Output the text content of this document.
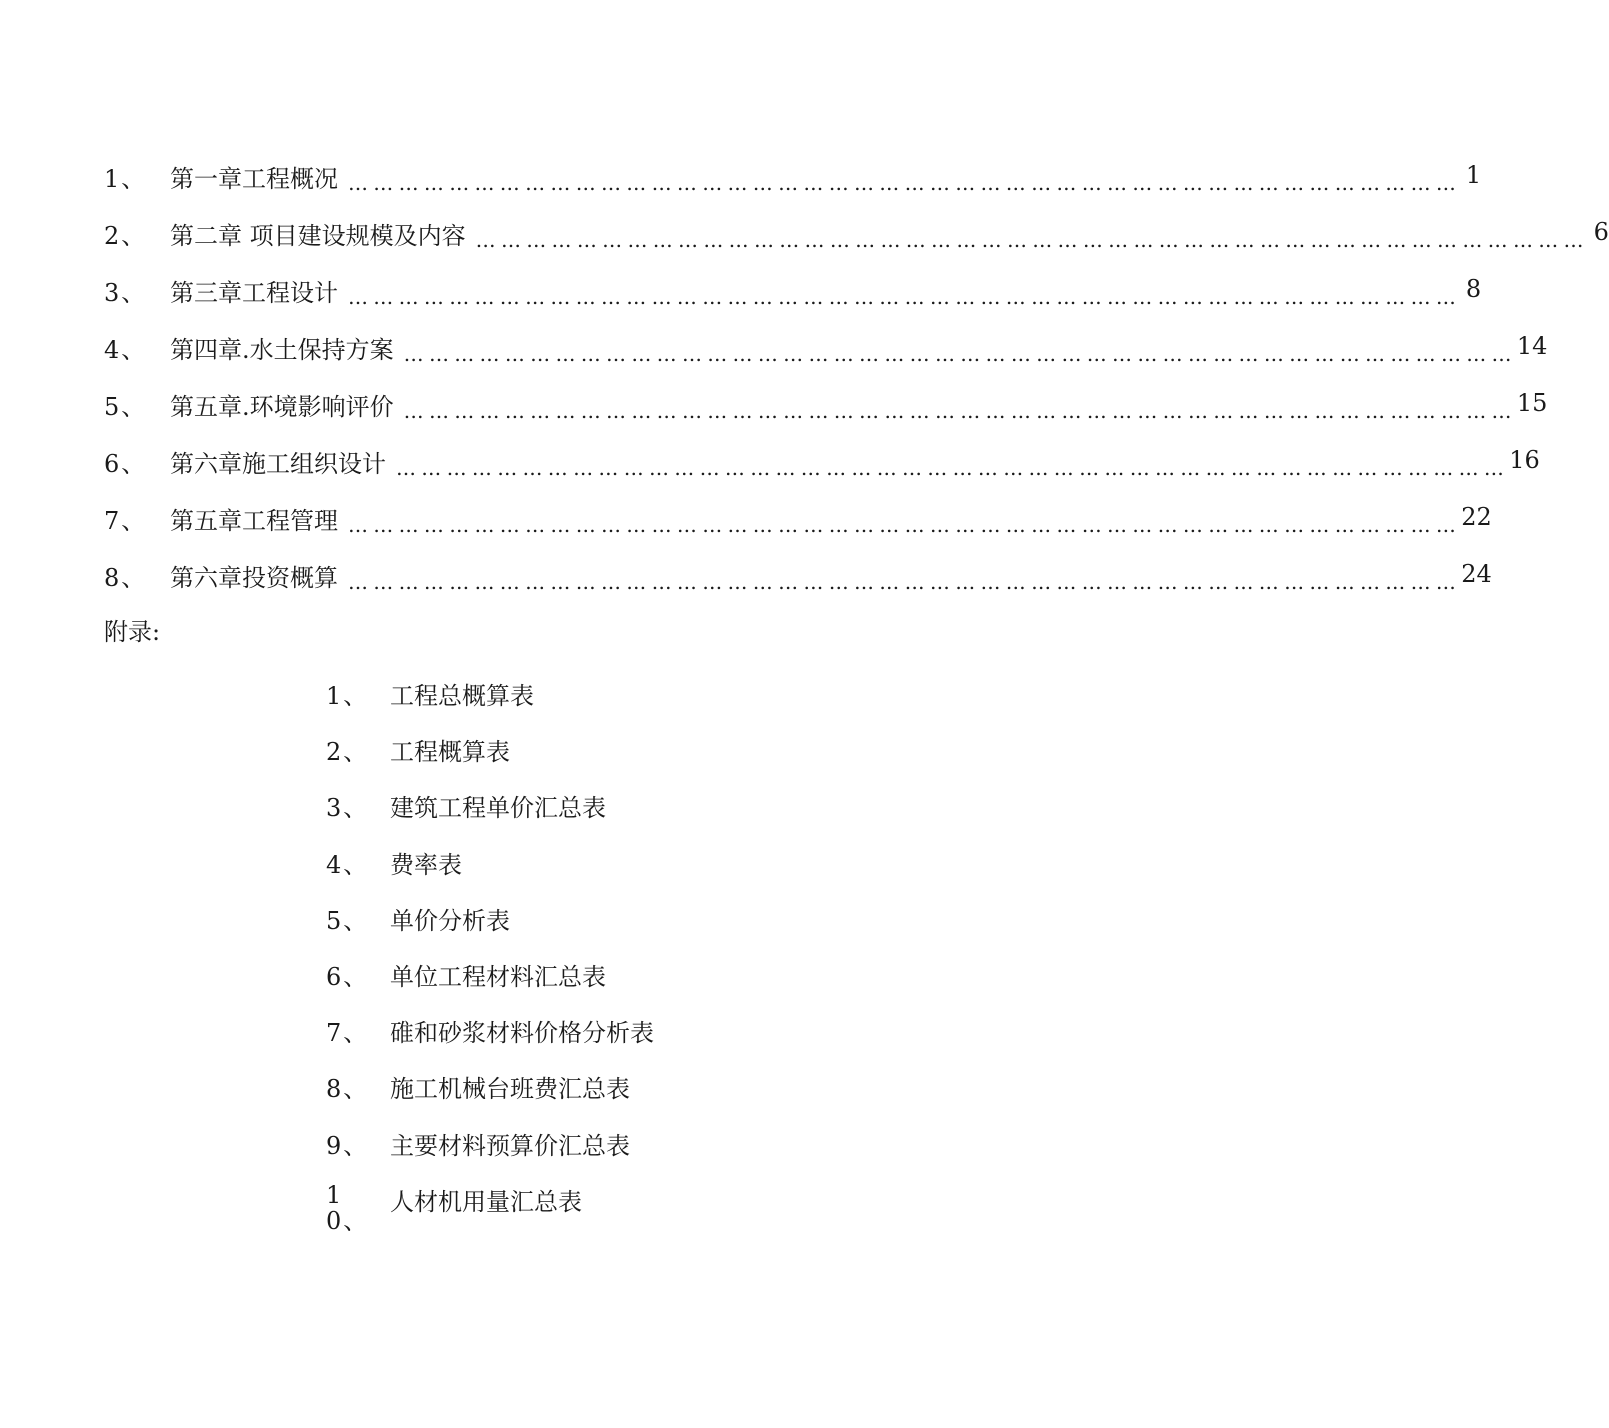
1、 第一章工程概况 …………………………………………………………………………………………………………………… 1
2、 第二章 项目建设规模及内容 …………………………………………………………………………………………………………………… 6
3、 第三章工程设计 …………………………………………………………………………………………………………………… 8
4、 第四章.水土保持方案 …………………………………………………………………………………………………………………… 14
5、 第五章.环境影响评价 …………………………………………………………………………………………………………………… 15
6、 第六章施工组织设计 …………………………………………………………………………………………………………………… 16
7、 第五章工程管理 …………………………………………………………………………………………………………………… 22
8、 第六章投资概算 …………………………………………………………………………………………………………………… 24
附录:
1、 工程总概算表
2、 工程概算表
3、 建筑工程单价汇总表
4、 费率表
5、 单价分析表
6、 单位工程材料汇总表
7、 碓和砂浆材料价格分析表
8、 施工机械台班费汇总表
9、 主要材料预算价汇总表
10、
人材机用量汇总表
